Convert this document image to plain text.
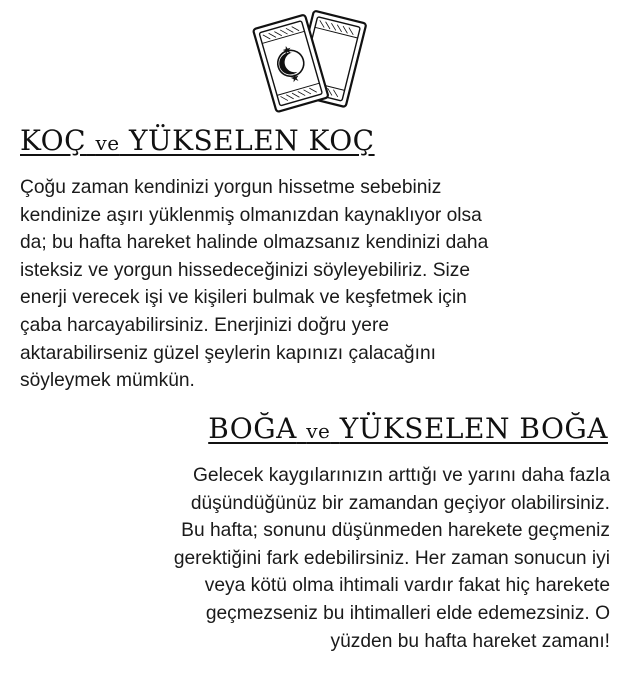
KOÇ ve YÜKSELEN KOÇ
Çoğu zaman kendinizi yorgun hissetme sebebiniz
kendinize aşırı yüklenmiş olmanızdan kaynaklıyor olsa
da; bu hafta hareket halinde olmazsanız kendinizi daha
isteksiz ve yorgun hissedeceğinizi söyleyebiliriz. Size
enerji verecek işi ve kişileri bulmak ve keşfetmek için
çaba harcayabilirsiniz. Enerjinizi doğru yere
aktarabilirseniz güzel şeylerin kapınızı çalacağını
söyleymek mümkün.
BOĞA ve YÜKSELEN BOĞA
Gelecek kaygılarınızın arttığı ve yarını daha fazla
düşündüğünüz bir zamandan geçiyor olabilirsiniz.
Bu hafta; sonunu düşünmeden harekete geçmeniz
gerektiğini fark edebilirsiniz. Her zaman sonucun iyi
veya kötü olma ihtimali vardır fakat hiç harekete
geçmezseniz bu ihtimalleri elde edemezsiniz. O
yüzden bu hafta hareket zamanı!
